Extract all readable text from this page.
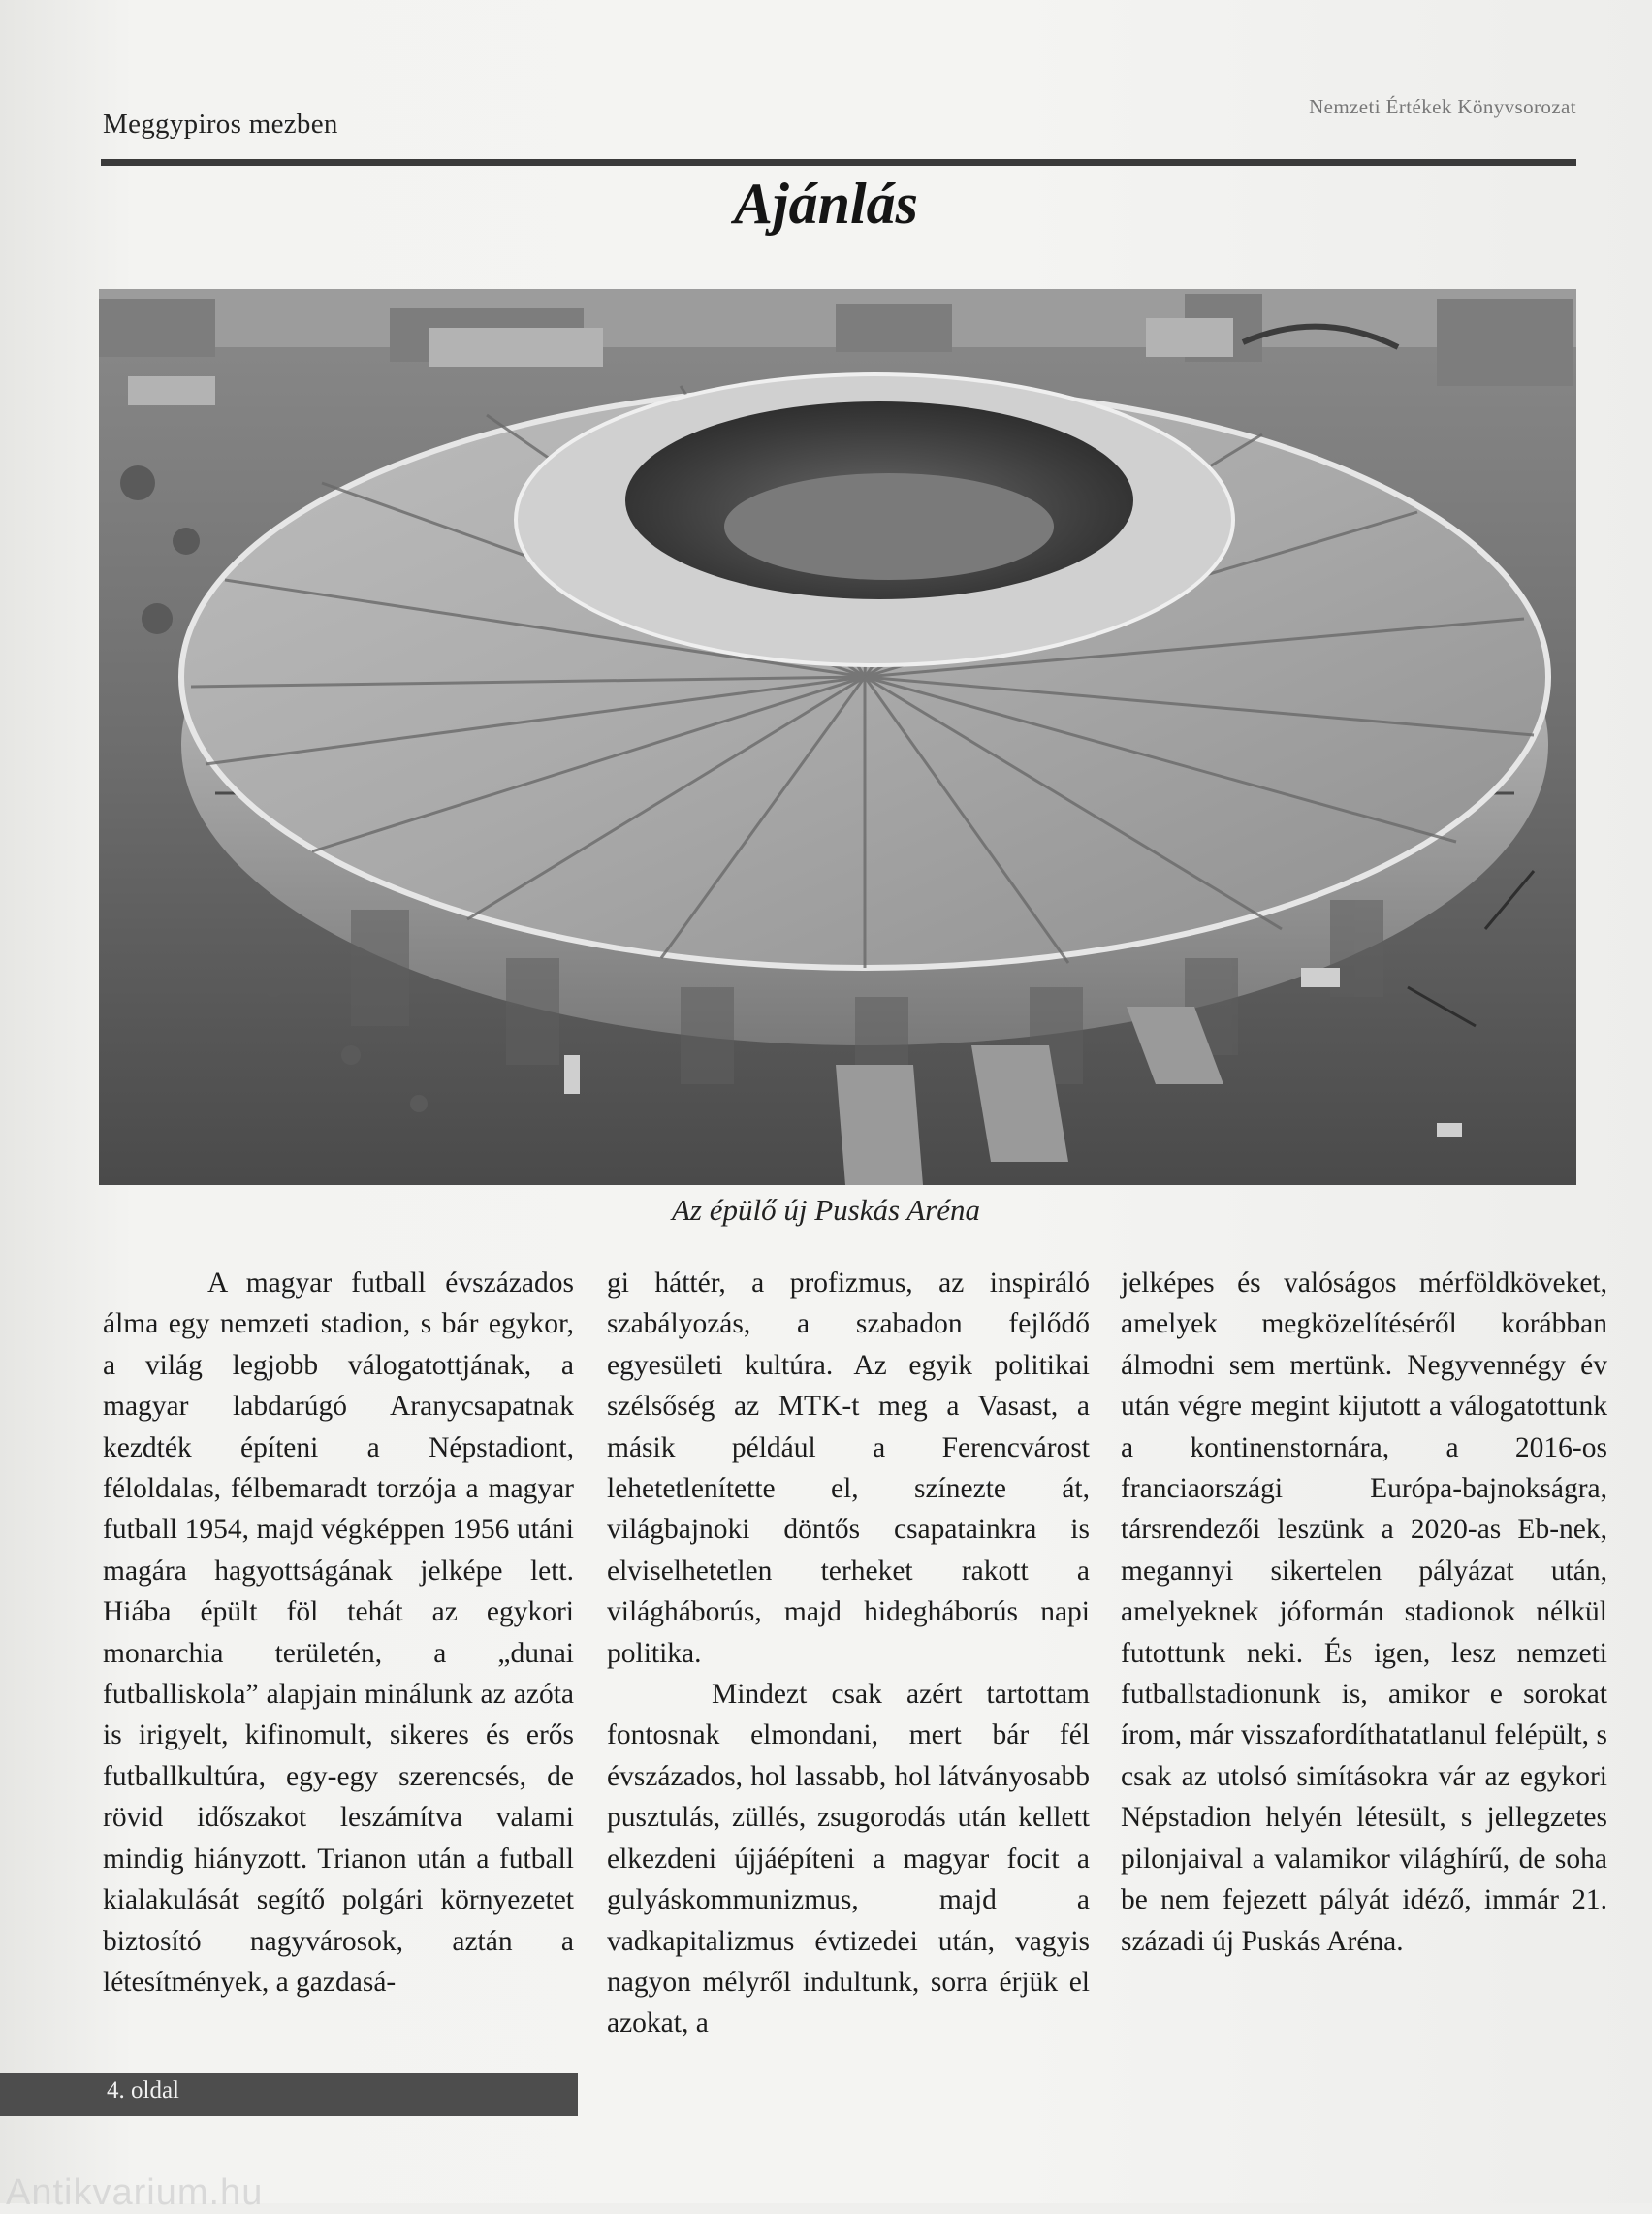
Meggypiros mezben
Nemzeti Értékek Könyvsorozat
Ajánlás
Az épülő új Puskás Aréna

A magyar futball évszázados álma egy nemzeti stadion, s bár egykor, a világ legjobb válogatottjának, a magyar labdarúgó Aranycsapatnak kezdték építeni a Népstadiont, féloldalas, félbemaradt torzója a magyar futball 1954, majd végképpen 1956 utáni magára hagyottságának jelképe lett. Hiába épült föl tehát az egykori monarchia területén, a „dunai futballiskola” alapjain minálunk az azóta is irigyelt, kifinomult, sikeres és erős futballkultúra, egy-egy szerencsés, de rövid időszakot leszámítva valami mindig hiányzott. Trianon után a futball kialakulását segítő polgári környezetet biztosító nagyvárosok, aztán a létesítmények, a gazdasá-

gi háttér, a profizmus, az inspiráló szabályozás, a szabadon fejlődő egyesületi kultúra. Az egyik politikai szélsőség az MTK-t meg a Vasast, a másik például a Ferencvárost lehetetlenítette el, színezte át, világbajnoki döntős csapatainkra is elviselhetetlen terheket rakott a világháborús, majd hidegháborús napi politika.

Mindezt csak azért tartottam fontosnak elmondani, mert bár fél évszázados, hol lassabb, hol látványosabb pusztulás, züllés, zsugorodás után kellett elkezdeni újjáépíteni a magyar focit a gulyáskommunizmus, majd a vadkapitalizmus évtizedei után, vagyis nagyon mélyről indultunk, sorra érjük el azokat, a

jelképes és valóságos mérföldköveket, amelyek megközelítéséről korábban álmodni sem mertünk. Negyvennégy év után végre megint kijutott a válogatottunk a kontinenstornára, a 2016-os franciaországi Európa-bajnokságra, társrendezői leszünk a 2020-as Eb-nek, megannyi sikertelen pályázat után, amelyeknek jóformán stadionok nélkül futottunk neki. És igen, lesz nemzeti futballstadionunk is, amikor e sorokat írom, már visszafordíthatatlanul felépült, s csak az utolsó simításokra vár az egykori Népstadion helyén létesült, s jellegzetes pilonjaival a valamikor világhírű, de soha be nem fejezett pályát idéző, immár 21. századi új Puskás Aréna.

4. oldal
Antikvarium.hu
